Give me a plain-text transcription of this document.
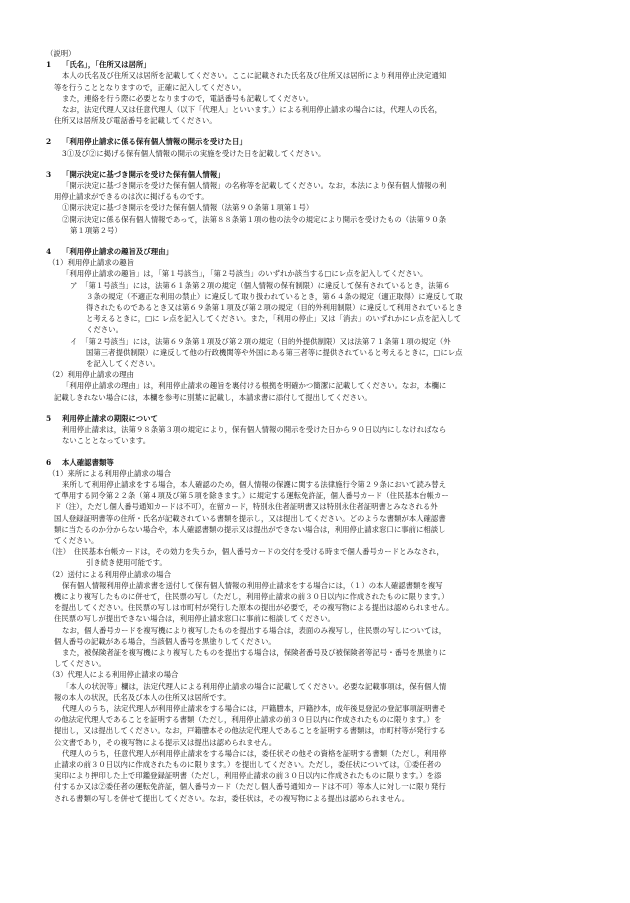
（説明）
1 「氏名」，「住所又は居所」
本人の氏名及び住所又は居所を記載してください。ここに記載された氏名及び住所又は居所により利用停止決定通知
等を行うこととなりますので，正確に記入してください。
また，連絡を行う際に必要となりますので，電話番号も記載してください。
なお，法定代理人又は任意代理人（以下「代理人」といいます。）による利用停止請求の場合には，代理人の氏名，
住所又は居所及び電話番号を記載してください。
2 「利用停止請求に係る保有個人情報の開示を受けた日」
3①及び②に掲げる保有個人情報の開示の実施を受けた日を記載してください。
3 「開示決定に基づき開示を受けた保有個人情報」
「開示決定に基づき開示を受けた保有個人情報」の名称等を記載してください。なお，本法により保有個人情報の利
用停止請求ができるのは次に掲げるものです。
①開示決定に基づき開示を受けた保有個人情報（法第９０条第１項第１号）
②開示決定に係る保有個人情報であって，法第８８条第１項の他の法令の規定により開示を受けたもの（法第９０条
第１項第２号）
4 「利用停止請求の趣旨及び理由」
（1）利用停止請求の趣旨
「利用停止請求の趣旨」は，「第１号該当」，「第２号該当」のいずれか該当する□にレ点を記入してください。
ア　「第１号該当」には，法第６１条第２項の規定（個人情報の保有制限）に違反して保有されているとき，法第６
３条の規定（不適正な利用の禁止）に違反して取り扱われているとき，第６４条の規定（適正取得）に違反して取
得されたものであるとき又は第６９条第１項及び第２項の規定（目的外利用制限）に違反して利用されているとき
と考えるときに，□に レ点を記入してください。また，「利用の停止」又は「消去」のいずれかにレ点を記入して
ください。
イ　「第２号該当」には，法第６９条第１項及び第２項の規定（目的外提供制限）又は法第７１条第１項の規定（外
国第三者提供制限）に違反して他の行政機関等や外国にある第三者等に提供されていると考えるときに，□にレ点
を記入してください。
（2）利用停止請求の理由
「利用停止請求の理由」は，利用停止請求の趣旨を裏付ける根拠を明確かつ簡潔に記載してください。なお，本欄に
記載しきれない場合には，本欄を参考に別葉に記載し，本請求書に添付して提出してください。
5 利用停止請求の期限について
利用停止請求は，法第９８条第３項の規定により，保有個人情報の開示を受けた日から９０日以内にしなければなら
ないこととなっています。
6 本人確認書類等
（1）来所による利用停止請求の場合
来所して利用停止請求をする場合，本人確認のため，個人情報の保護に関する法律施行令第２９条において読み替え
て準用する同令第２２条（第４項及び第５項を除きます。）に規定する運転免許証，個人番号カード（住民基本台帳カー
ド（注），ただし個人番号通知カードは不可），在留カード，特別永住者証明書又は特別永住者証明書とみなされる外
国人登録証明書等の住所・氏名が記載されている書類を提示し，又は提出してください。どのような書類が本人確認書
類に当たるのか分からない場合や，本人確認書類の提示又は提出ができない場合は，利用停止請求窓口に事前に相談し
てください。
（注）　 住民基本台帳カードは，その効力を失うか，個人番号カードの交付を受ける時まで個人番号カードとみなされ，
引き続き使用可能です。
（2）送付による利用停止請求の場合
保有個人情報利用停止請求書を送付して保有個人情報の利用停止請求をする場合には，（１）の本人確認書類を複写
機により複写したものに併せて，住民票の写し（ただし，利用停止請求の前３０日以内に作成されたものに限ります。）
を提出してください。住民票の写しは市町村が発行した原本の提出が必要で，その複写物による提出は認められません。
住民票の写しが提出できない場合は，利用停止請求窓口に事前に相談してください。
なお，個人番号カードを複写機により複写したものを提出する場合は，表面のみ複写し，住民票の写しについては，
個人番号の記載がある場合，当該個人番号を黒塗りしてください。
また，被保険者証を複写機により複写したものを提出する場合は，保険者番号及び被保険者等記号・番号を黒塗りに
してください。
（3）代理人による利用停止請求の場合
「本人の状況等」欄は，法定代理人による利用停止請求の場合に記載してください。必要な記載事項は，保有個人情
報の本人の状況，氏名及び本人の住所又は居所です。
代理人のうち，法定代理人が利用停止請求をする場合には，戸籍謄本，戸籍抄本，成年後見登記の登記事項証明書そ
の他法定代理人であることを証明する書類（ただし，利用停止請求の前３０日以内に作成されたものに限ります。）を
提出し，又は提出してください。なお，戸籍謄本その他法定代理人であることを証明する書類は，市町村等が発行する
公文書であり，その複写物による提示又は提出は認められません。
代理人のうち，任意代理人が利用停止請求をする場合には，委任状その他その資格を証明する書類（ただし，利用停
止請求の前３０日以内に作成されたものに限ります。）を提出してください。ただし，委任状については，①委任者の
実印により押印した上で印鑑登録証明書（ただし，利用停止請求の前３０日以内に作成されたものに限ります。）を添
付するか又は②委任者の運転免許証，個人番号カード（ただし個人番号通知カードは不可）等本人に対し一に限り発行
される書類の写しを併せて提出してください。なお，委任状は，その複写物による提出は認められません。
